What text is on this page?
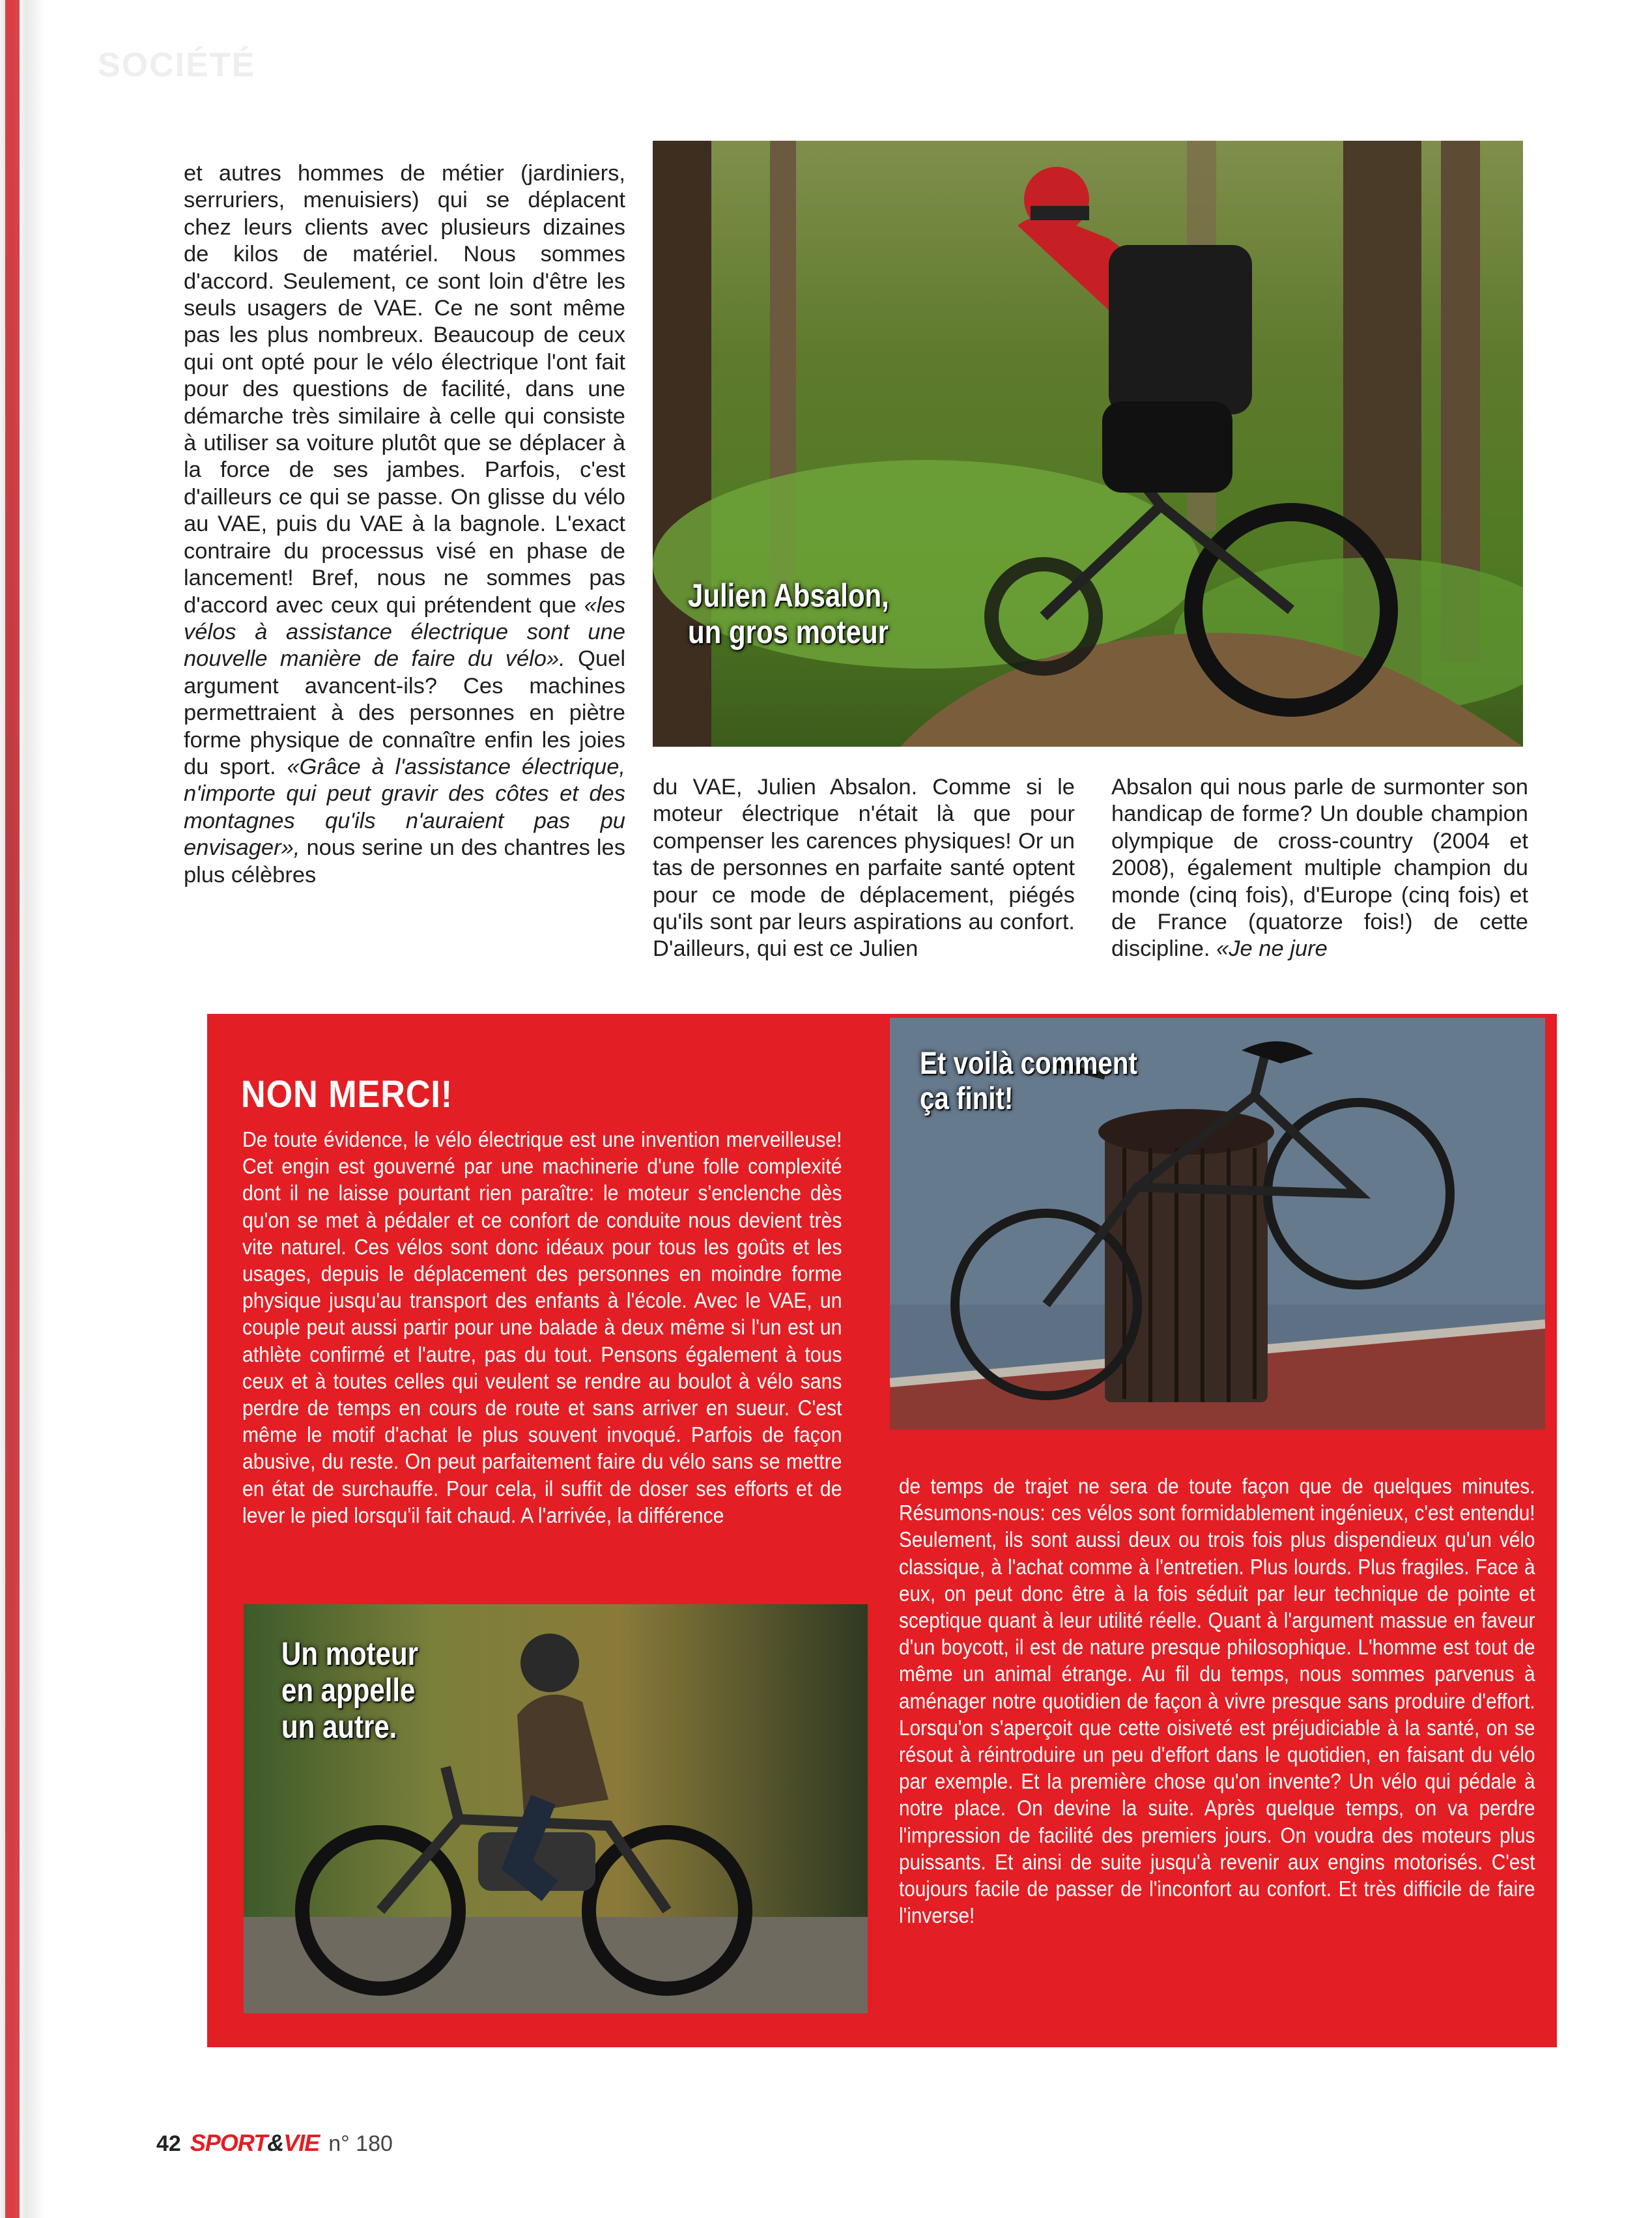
SOCIÉTÉ
et autres hommes de métier (jardiniers, serruriers, menuisiers) qui se déplacent chez leurs clients avec plusieurs dizaines de kilos de matériel. Nous sommes d'accord. Seulement, ce sont loin d'être les seuls usagers de VAE. Ce ne sont même pas les plus nombreux. Beaucoup de ceux qui ont opté pour le vélo électrique l'ont fait pour des questions de facilité, dans une démarche très similaire à celle qui consiste à utiliser sa voiture plutôt que se déplacer à la force de ses jambes. Parfois, c'est d'ailleurs ce qui se passe. On glisse du vélo au VAE, puis du VAE à la bagnole. L'exact contraire du processus visé en phase de lancement! Bref, nous ne sommes pas d'accord avec ceux qui prétendent que «les vélos à assistance électrique sont une nouvelle manière de faire du vélo». Quel argument avancent-ils? Ces machines permettraient à des personnes en piètre forme physique de connaître enfin les joies du sport. «Grâce à l'assistance électrique, n'importe qui peut gravir des côtes et des montagnes qu'ils n'auraient pas pu envisager», nous serine un des chantres les plus célèbres
Julien Absalon,
un gros moteur
du VAE, Julien Absalon. Comme si le moteur électrique n'était là que pour compenser les carences physiques! Or un tas de personnes en parfaite santé optent pour ce mode de déplacement, piégés qu'ils sont par leurs aspirations au confort. D'ailleurs, qui est ce Julien
Absalon qui nous parle de surmonter son handicap de forme? Un double champion olympique de cross-country (2004 et 2008), également multiple champion du monde (cinq fois), d'Europe (cinq fois) et de France (quatorze fois!) de cette discipline. «Je ne jure
NON MERCI!
De toute évidence, le vélo électrique est une invention merveilleuse! Cet engin est gouverné par une machinerie d'une folle complexité dont il ne laisse pourtant rien paraître: le moteur s'enclenche dès qu'on se met à pédaler et ce confort de conduite nous devient très vite naturel. Ces vélos sont donc idéaux pour tous les goûts et les usages, depuis le déplacement des personnes en moindre forme physique jusqu'au transport des enfants à l'école. Avec le VAE, un couple peut aussi partir pour une balade à deux même si l'un est un athlète confirmé et l'autre, pas du tout. Pensons également à tous ceux et à toutes celles qui veulent se rendre au boulot à vélo sans perdre de temps en cours de route et sans arriver en sueur. C'est même le motif d'achat le plus souvent invoqué. Parfois de façon abusive, du reste. On peut parfaitement faire du vélo sans se mettre en état de surchauffe. Pour cela, il suffit de doser ses efforts et de lever le pied lorsqu'il fait chaud. A l'arrivée, la différence
Et voilà comment
ça finit!
de temps de trajet ne sera de toute façon que de quelques minutes. Résumons-nous: ces vélos sont formidablement ingénieux, c'est entendu! Seulement, ils sont aussi deux ou trois fois plus dispendieux qu'un vélo classique, à l'achat comme à l'entretien. Plus lourds. Plus fragiles. Face à eux, on peut donc être à la fois séduit par leur technique de pointe et sceptique quant à leur utilité réelle. Quant à l'argument massue en faveur d'un boycott, il est de nature presque philosophique. L'homme est tout de même un animal étrange. Au fil du temps, nous sommes parvenus à aménager notre quotidien de façon à vivre presque sans produire d'effort. Lorsqu'on s'aperçoit que cette oisiveté est préjudiciable à la santé, on se résout à réintroduire un peu d'effort dans le quotidien, en faisant du vélo par exemple. Et la première chose qu'on invente? Un vélo qui pédale à notre place. On devine la suite. Après quelque temps, on va perdre l'impression de facilité des premiers jours. On voudra des moteurs plus puissants. Et ainsi de suite jusqu'à revenir aux engins motorisés. C'est toujours facile de passer de l'inconfort au confort. Et très difficile de faire l'inverse!
Un moteur
en appelle
un autre.
42 SPORT&VIE n° 180
